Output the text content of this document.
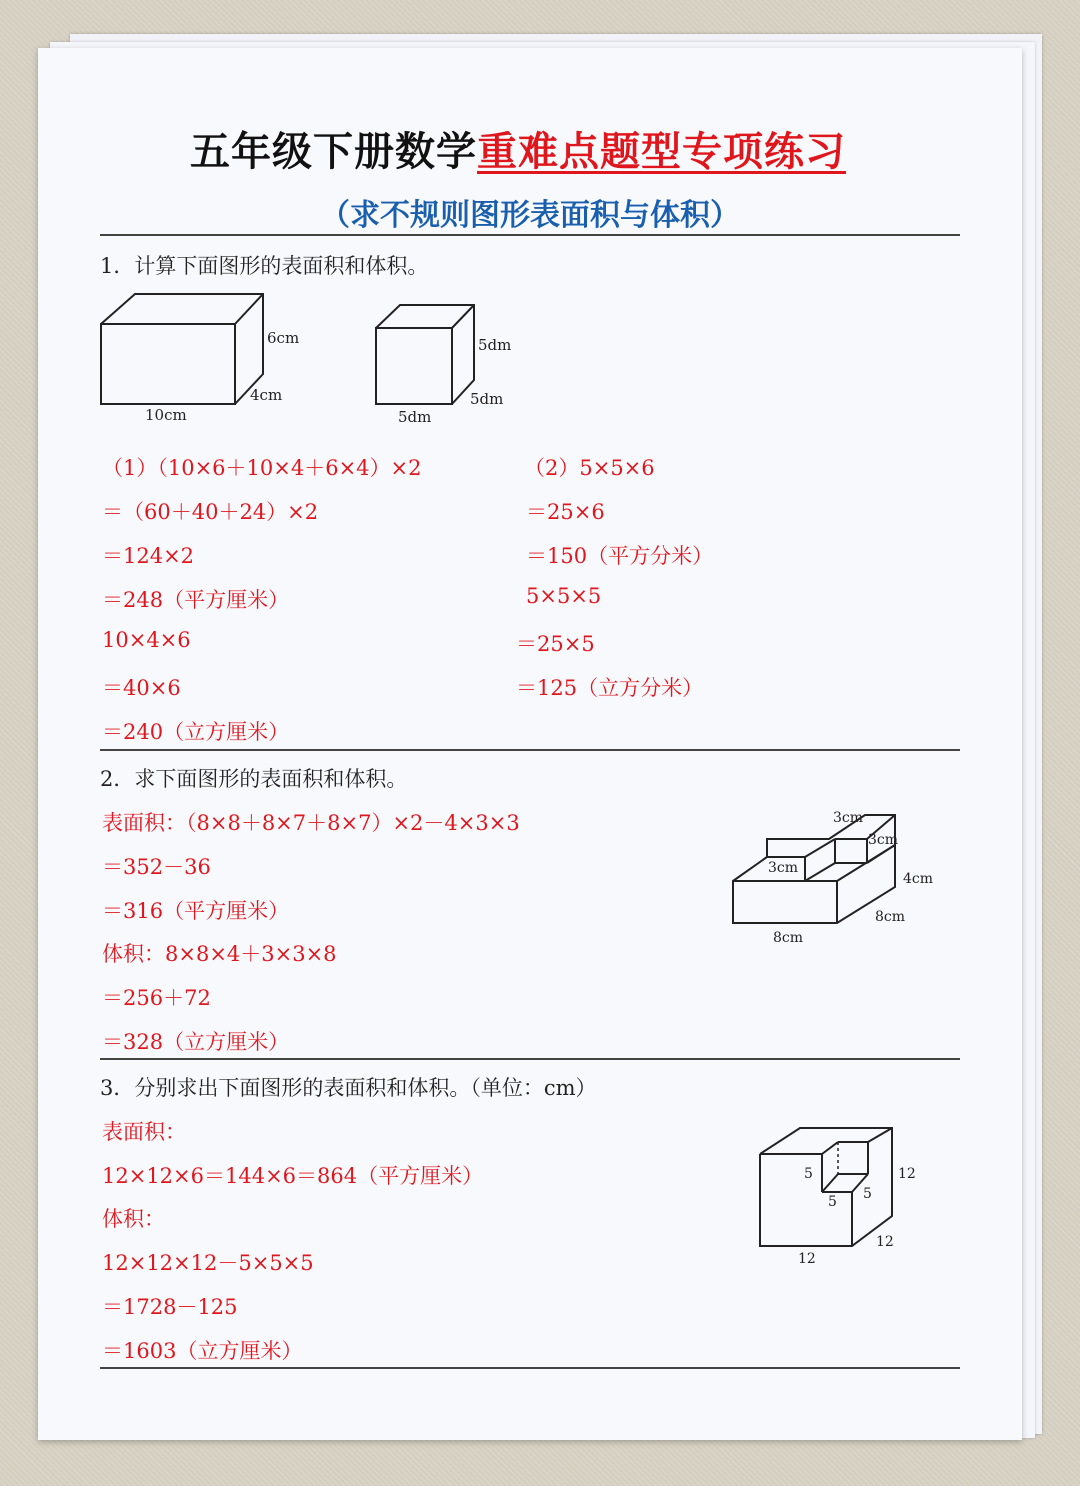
五年级下册数学重难点题型专项练习
（求不规则图形表面积与体积）
1．计算下面图形的表面积和体积。
6cm
4cm
10cm
5dm
5dm
5dm
（1）（10×6＋10×4＋6×4）×2
＝（60＋40＋24）×2
＝124×2
＝248（平方厘米）
10×4×6
＝40×6
＝240（立方厘米）
（2）5×5×6
＝25×6
＝150（平方分米）
5×5×5
＝25×5
＝125（立方分米）
2．求下面图形的表面积和体积。
表面积：（8×8＋8×7＋8×7）×2－4×3×3
＝352－36
＝316（平方厘米）
体积：8×8×4＋3×3×8
＝256＋72
＝328（立方厘米）
3cm
3cm
3cm
4cm
8cm
8cm
3．分别求出下面图形的表面积和体积。（单位：cm）
表面积：
12×12×6＝144×6＝864（平方厘米）
体积：
12×12×12－5×5×5
＝1728－125
＝1603（立方厘米）
5
5
5
12
12
12
